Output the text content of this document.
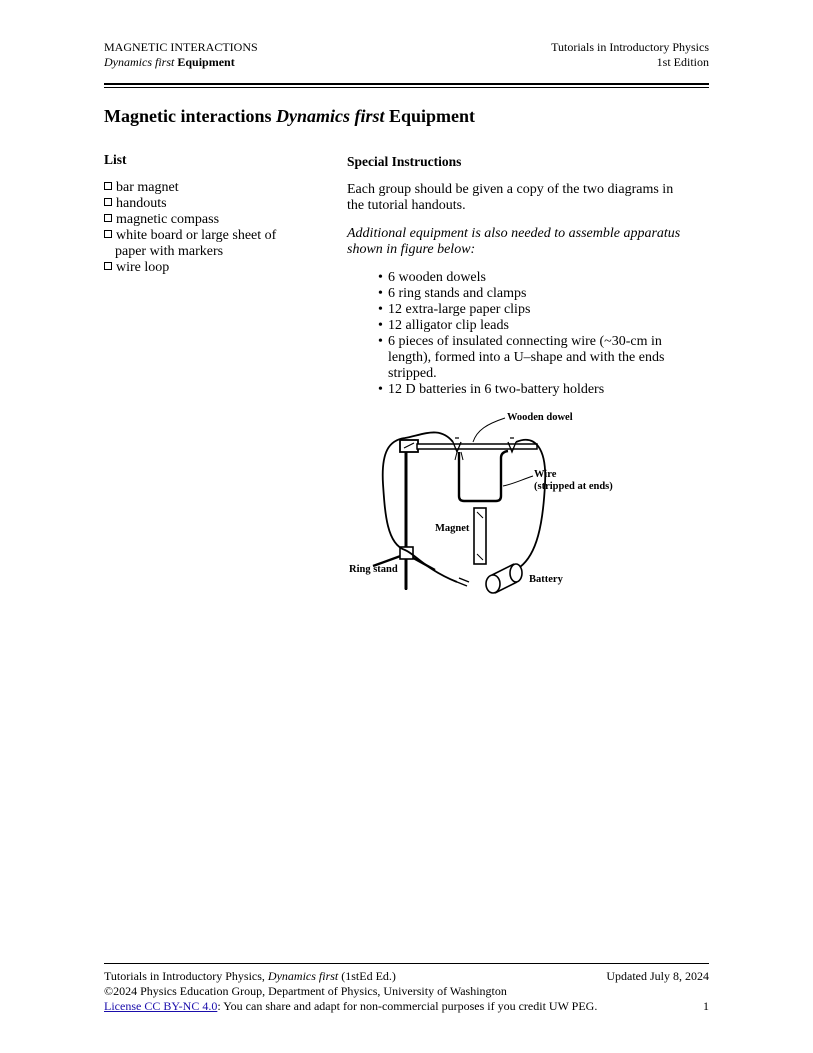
MAGNETIC INTERACTIONS
Dynamics first Equipment
Tutorials in Introductory Physics
1st Edition
Magnetic interactions Dynamics first Equipment
List
bar magnet
handouts
magnetic compass
white board or large sheet of
paper with markers
wire loop
Special Instructions
Each group should be given a copy of the two diagrams in
the tutorial handouts.
Additional equipment is also needed to assemble apparatus
shown in figure below:
• 6 wooden dowels
• 6 ring stands and clamps
• 12 extra-large paper clips
• 12 alligator clip leads
• 6 pieces of insulated connecting wire (~30-cm in
length), formed into a U–shape and with the ends
stripped.
• 12 D batteries in 6 two-battery holders
Wooden dowel
Wire
(stripped at ends)
Magnet
Ring stand
Battery
Tutorials in Introductory Physics, Dynamics first (1stEd Ed.)	Updated July 8, 2024
©2024 Physics Education Group, Department of Physics, University of Washington
License CC BY-NC 4.0: You can share and adapt for non-commercial purposes if you credit UW PEG.	1
